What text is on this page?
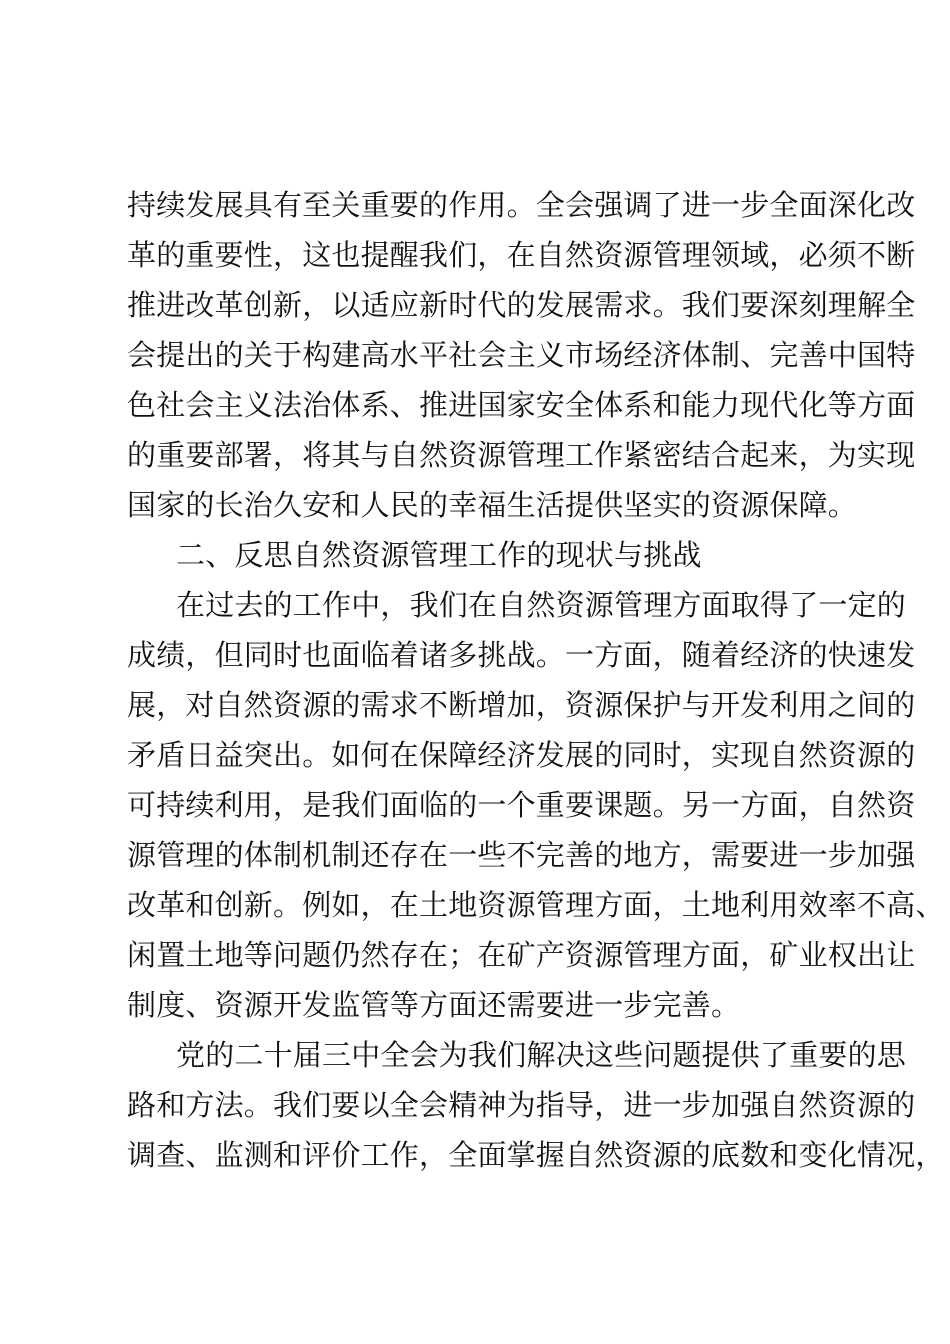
持续发展具有至关重要的作用。全会强调了进一步全面深化改

革的重要性，这也提醒我们，在自然资源管理领域，必须不断

推进改革创新，以适应新时代的发展需求。我们要深刻理解全

会提出的关于构建高水平社会主义市场经济体制、完善中国特

色社会主义法治体系、推进国家安全体系和能力现代化等方面

的重要部署，将其与自然资源管理工作紧密结合起来，为实现

国家的长治久安和人民的幸福生活提供坚实的资源保障。

二、反思自然资源管理工作的现状与挑战

在过去的工作中，我们在自然资源管理方面取得了一定的

成绩，但同时也面临着诸多挑战。一方面，随着经济的快速发

展，对自然资源的需求不断增加，资源保护与开发利用之间的

矛盾日益突出。如何在保障经济发展的同时，实现自然资源的

可持续利用，是我们面临的一个重要课题。另一方面，自然资

源管理的体制机制还存在一些不完善的地方，需要进一步加强

改革和创新。例如，在土地资源管理方面，土地利用效率不高、

闲置土地等问题仍然存在；在矿产资源管理方面，矿业权出让

制度、资源开发监管等方面还需要进一步完善。

党的二十届三中全会为我们解决这些问题提供了重要的思

路和方法。我们要以全会精神为指导，进一步加强自然资源的

调查、监测和评价工作，全面掌握自然资源的底数和变化情况，
